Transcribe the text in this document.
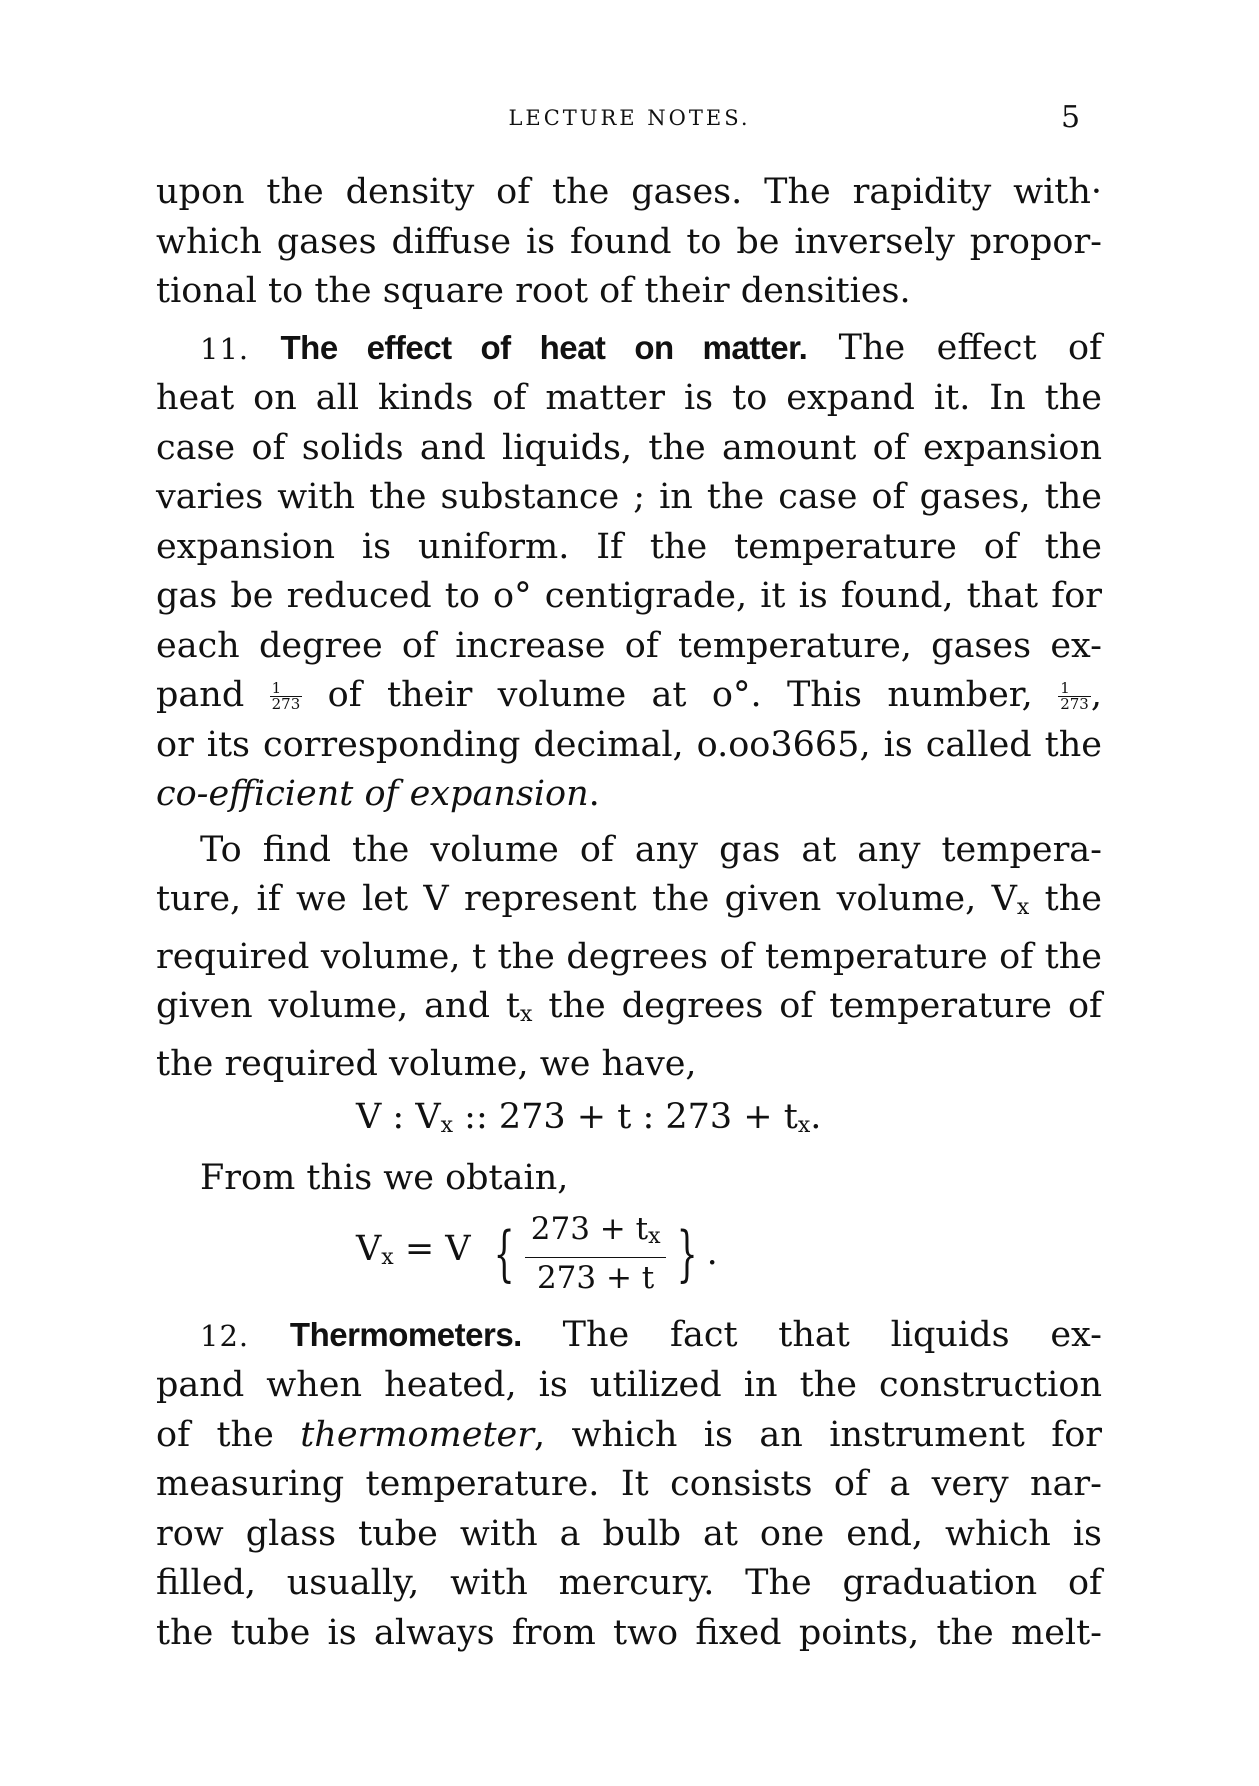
LECTURE NOTES.	5
upon the density of the gases. The rapidity with·
which gases diffuse is found to be inversely propor-
tional to the square root of their densities.
11. The effect of heat on matter. The effect of
heat on all kinds of matter is to expand it. In the
case of solids and liquids, the amount of expansion
varies with the substance ; in the case of gases, the
expansion is uniform. If the temperature of the
gas be reduced to o° centigrade, it is found, that for
each degree of increase of temperature, gases ex-
pand $\frac{1}{273}$ of their volume at o°. This number, $\frac{1}{273}$ ,
or its corresponding decimal, o.oo3665, is called the
co-efficient of expansion.
To find the volume of any gas at any tempera-
ture, if we let V represent the given volume, Vx the
required volume, t the degrees of temperature of the
given volume, and tx the degrees of temperature of
the required volume, we have,
V : Vx :: 273 + t : 273 + tx.
From this we obtain,
Vx = V { $\frac{273 + tx}{273 + t}$ } .
12. Thermometers. The fact that liquids ex-
pand when heated, is utilized in the construction
of the thermometer, which is an instrument for
measuring temperature. It consists of a very nar-
row glass tube with a bulb at one end, which is
filled, usually, with mercury. The graduation of
the tube is always from two fixed points, the melt-
